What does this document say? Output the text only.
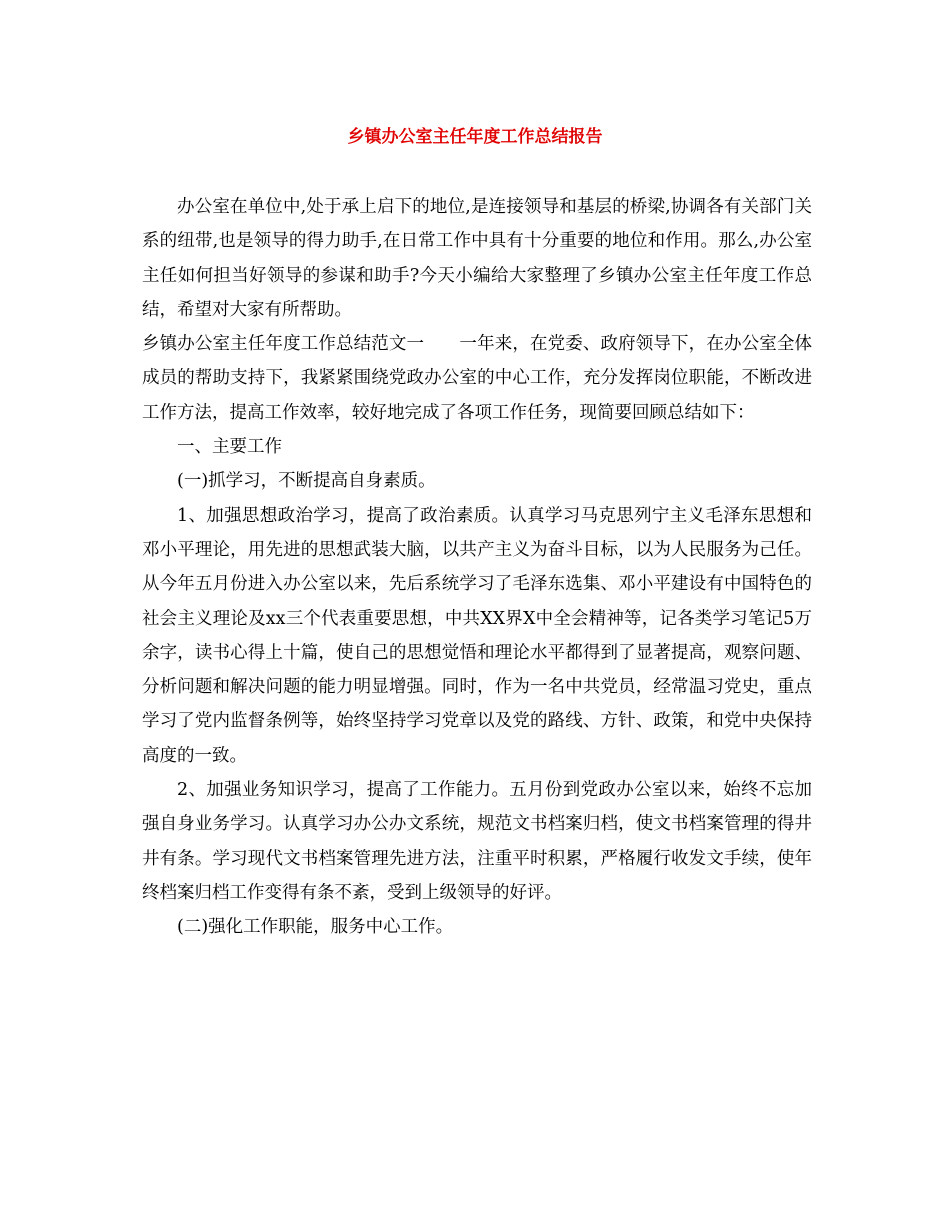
乡镇办公室主任年度工作总结报告

办公室在单位中,处于承上启下的地位,是连接领导和基层的桥梁,协调各有关部门关系的纽带,也是领导的得力助手,在日常工作中具有十分重要的地位和作用。那么,办公室主任如何担当好领导的参谋和助手?今天小编给大家整理了乡镇办公室主任年度工作总结，希望对大家有所帮助。

乡镇办公室主任年度工作总结范文一　　一年来，在党委、政府领导下，在办公室全体成员的帮助支持下，我紧紧围绕党政办公室的中心工作，充分发挥岗位职能，不断改进工作方法，提高工作效率，较好地完成了各项工作任务，现简要回顾总结如下：

一、主要工作

(一)抓学习，不断提高自身素质。

1、加强思想政治学习，提高了政治素质。认真学习马克思列宁主义毛泽东思想和邓小平理论，用先进的思想武装大脑，以共产主义为奋斗目标，以为人民服务为己任。从今年五月份进入办公室以来，先后系统学习了毛泽东选集、邓小平建设有中国特色的社会主义理论及xx三个代表重要思想，中共XX界X中全会精神等，记各类学习笔记5万余字，读书心得上十篇，使自己的思想觉悟和理论水平都得到了显著提高，观察问题、分析问题和解决问题的能力明显增强。同时，作为一名中共党员，经常温习党史，重点学习了党内监督条例等，始终坚持学习党章以及党的路线、方针、政策，和党中央保持高度的一致。

2、加强业务知识学习，提高了工作能力。五月份到党政办公室以来，始终不忘加强自身业务学习。认真学习办公办文系统，规范文书档案归档，使文书档案管理的得井井有条。学习现代文书档案管理先进方法，注重平时积累，严格履行收发文手续，使年终档案归档工作变得有条不紊，受到上级领导的好评。

(二)强化工作职能，服务中心工作。
